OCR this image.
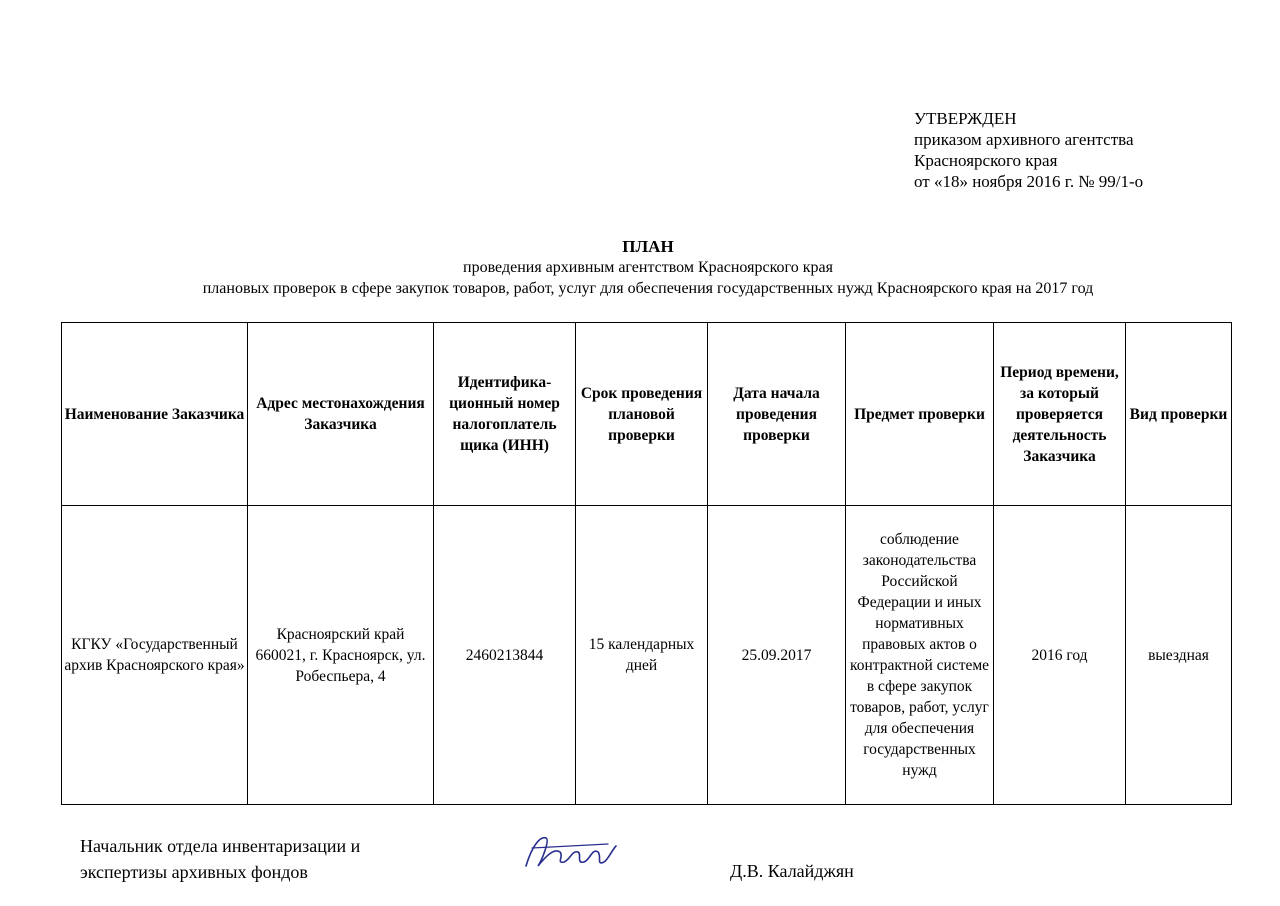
УТВЕРЖДЕН
приказом архивного агентства
Красноярского края
от «18» ноября 2016 г. № 99/1-о
ПЛАН
проведения архивным агентством Красноярского края
плановых проверок в сфере закупок товаров, работ, услуг для обеспечения государственных нужд Красноярского края на 2017 год
Наименование Заказчика	Адрес местонахождения Заказчика	Идентифика-ционный номер налогоплатель щика (ИНН)	Срок проведения плановой проверки	Дата начала проведения проверки	Предмет проверки	Период времени, за который проверяется деятельность Заказчика	Вид проверки
КГКУ «Государственный архив Красноярского края»	Красноярский край 660021, г. Красноярск, ул. Робеспьера, 4	2460213844	15 календарных дней	25.09.2017	соблюдение законодательства Российской Федерации и иных нормативных правовых актов о контрактной системе в сфере закупок товаров, работ, услуг для обеспечения государственных нужд	2016 год	выездная
Начальник отдела инвентаризации и
экспертизы архивных фондов	Д.В. Калайджян
